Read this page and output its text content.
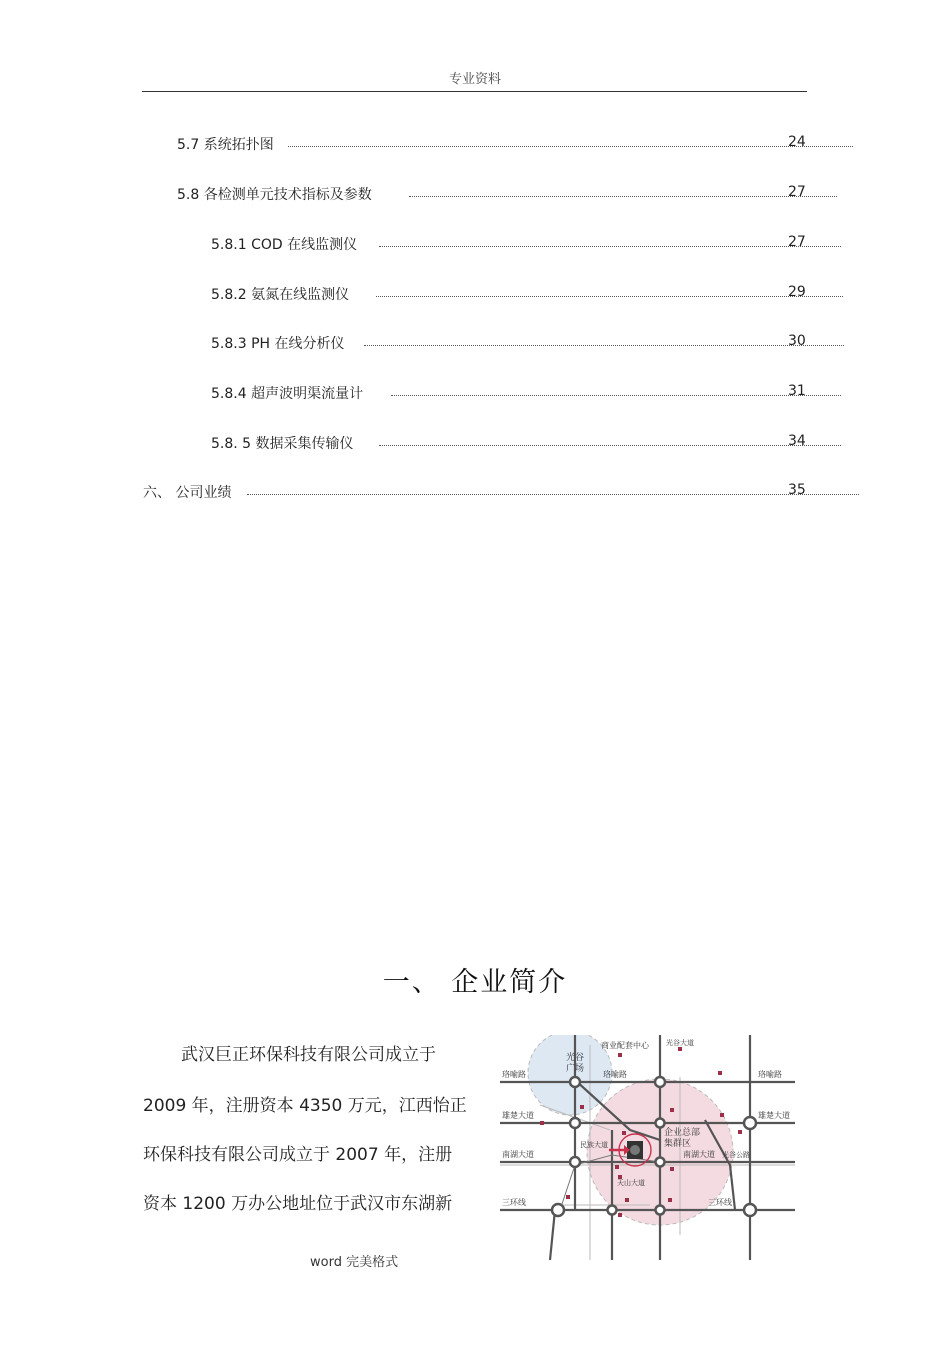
专业资料
5.7 系统拓扑图	24
5.8 各检测单元技术指标及参数	27
5.8.1 COD 在线监测仪	27
5.8.2 氨氮在线监测仪	29
5.8.3 PH 在线分析仪	30
5.8.4 超声波明渠流量计	31
5.8. 5 数据采集传输仪	34
六、 公司业绩	35
一、 企业简介
武汉巨正环保科技有限公司成立于
2009 年，注册资本 4350 万元，江西怡正
环保科技有限公司成立于 2007 年，注册
资本 1200 万办公地址位于武汉市东湖新
商业配套中心
光谷
广场
光谷大道
珞喻路	珞喻路	珞喻路
雄楚大道	雄楚大道
民族大道
南湖大道	南湖大道
天山大道
三环线	三环线
企业总部
集群区
光谷公路
word 完美格式
